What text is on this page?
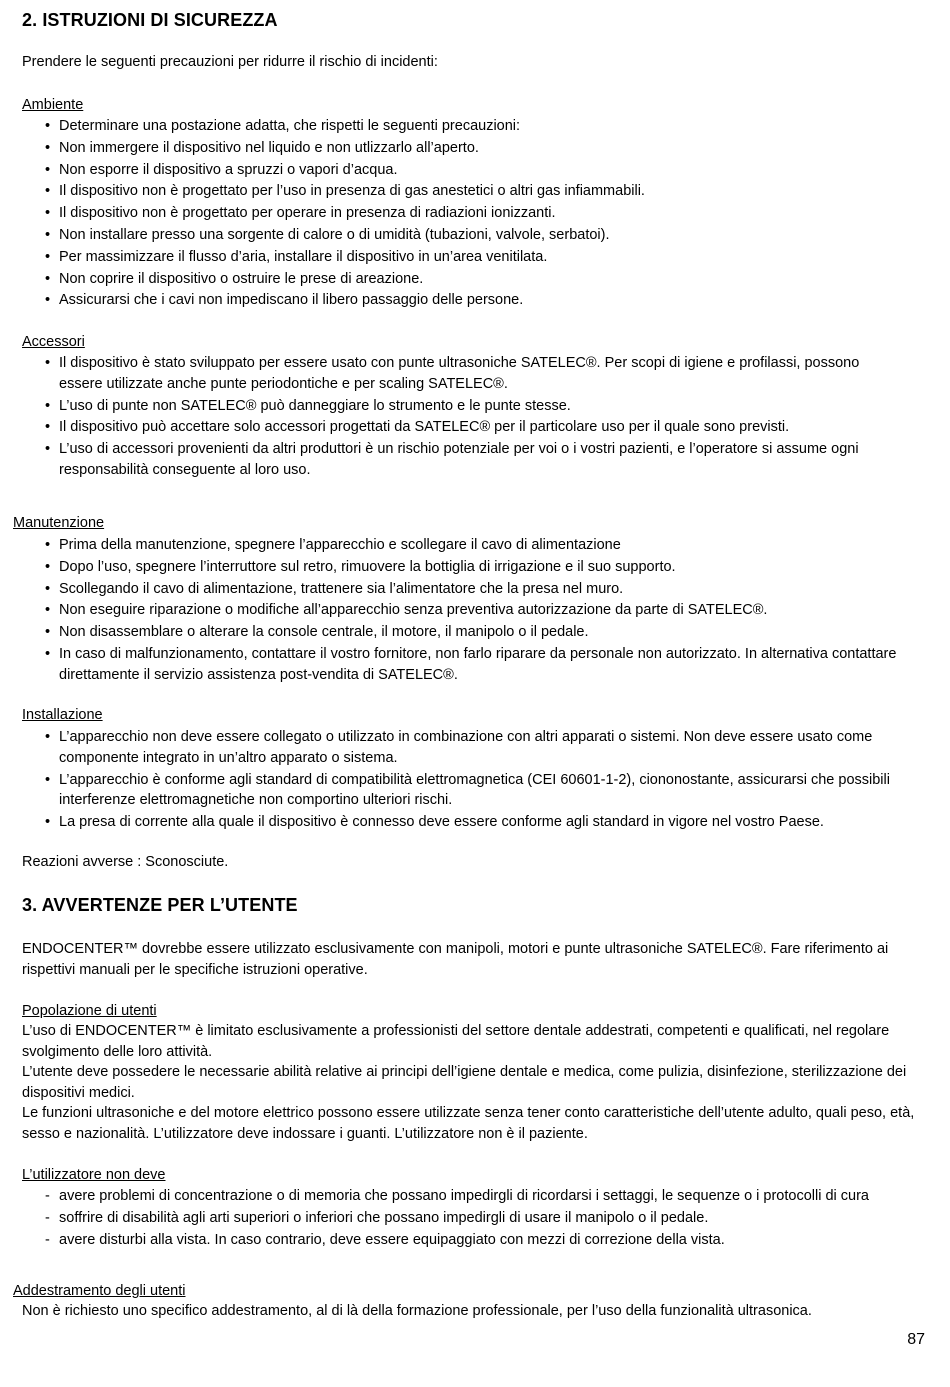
2. ISTRUZIONI DI SICUREZZA

Prendere le seguenti precauzioni per ridurre il rischio di incidenti:

Ambiente

• Determinare una postazione adatta, che rispetti le seguenti precauzioni:
• Non immergere il dispositivo nel liquido e non utlizzarlo all’aperto.
• Non esporre il dispositivo a spruzzi o vapori d’acqua.
• Il dispositivo non è progettato per l’uso in presenza di gas anestetici o altri gas infiammabili.
• Il dispositivo non è progettato per operare in presenza di radiazioni ionizzanti.
• Non installare presso una sorgente di calore o di umidità (tubazioni, valvole, serbatoi).
• Per massimizzare il flusso d’aria, installare il dispositivo in un’area venitilata.
• Non coprire il dispositivo o ostruire le prese di areazione.
• Assicurarsi che i cavi non impediscano il libero passaggio delle persone.

Accessori

• Il dispositivo è stato sviluppato per essere usato con punte ultrasoniche SATELEC®. Per scopi di igiene e profilassi, possono essere utilizzate anche punte periodontiche e per scaling SATELEC®.
• L’uso di punte non SATELEC® può danneggiare lo strumento e le punte stesse.
• Il dispositivo può accettare solo accessori progettati da SATELEC® per il particolare uso per il quale sono previsti.
• L’uso di accessori provenienti da altri produttori è un rischio potenziale per voi o i vostri pazienti, e l’operatore si assume ogni responsabilità conseguente al loro uso.

Manutenzione

• Prima della manutenzione, spegnere l’apparecchio e scollegare il cavo di alimentazione
• Dopo l’uso, spegnere l’interruttore sul retro, rimuovere la bottiglia di irrigazione e il suo supporto.
• Scollegando il cavo di alimentazione, trattenere sia l’alimentatore che la presa nel muro.
• Non eseguire riparazione o modifiche all’apparecchio senza preventiva autorizzazione da parte di SATELEC®.
• Non disassemblare o alterare la console centrale, il motore, il manipolo o il pedale.
• In caso di malfunzionamento, contattare il vostro fornitore, non farlo riparare da personale non autorizzato. In alternativa contattare direttamente il servizio assistenza post-vendita di SATELEC®.

Installazione

• L’apparecchio non deve essere collegato o utilizzato in combinazione con altri apparati o sistemi. Non deve essere usato come componente integrato in un’altro apparato o sistema.
• L’apparecchio è conforme agli standard di compatibilità elettromagnetica (CEI 60601-1-2), ciononostante, assicurarsi che possibili interferenze elettromagnetiche non comportino ulteriori rischi.
• La presa di corrente alla quale il dispositivo è connesso deve essere conforme agli standard in vigore nel vostro Paese.

Reazioni avverse : Sconosciute.

3. AVVERTENZE PER L’UTENTE

ENDOCENTER™ dovrebbe essere utilizzato esclusivamente con manipoli, motori e punte ultrasoniche SATELEC®. Fare riferimento ai rispettivi manuali per le specifiche istruzioni operative.

Popolazione di utenti

L’uso di ENDOCENTER™ è limitato esclusivamente a professionisti del settore dentale addestrati, competenti e qualificati, nel regolare svolgimento delle loro attività.

L’utente deve possedere le necessarie abilità relative ai principi dell’igiene dentale e medica, come pulizia, disinfezione, sterilizzazione dei dispositivi medici.

Le funzioni ultrasoniche e del motore elettrico possono essere utilizzate senza tener conto caratteristiche dell’utente adulto, quali peso, età, sesso e nazionalità. L’utilizzatore deve indossare i guanti. L’utilizzatore non è il paziente.

L’utilizzatore non deve

- avere problemi di concentrazione o di memoria che possano impedirgli di ricordarsi i settaggi, le sequenze o i protocolli di cura
- soffrire di disabilità agli arti superiori o inferiori che possano impedirgli di usare il manipolo o il pedale.
- avere disturbi alla vista. In caso contrario, deve essere equipaggiato con mezzi di correzione della vista.

Addestramento degli utenti

Non è richiesto uno specifico addestramento, al di là della formazione professionale, per l’uso della funzionalità ultrasonica.

87
